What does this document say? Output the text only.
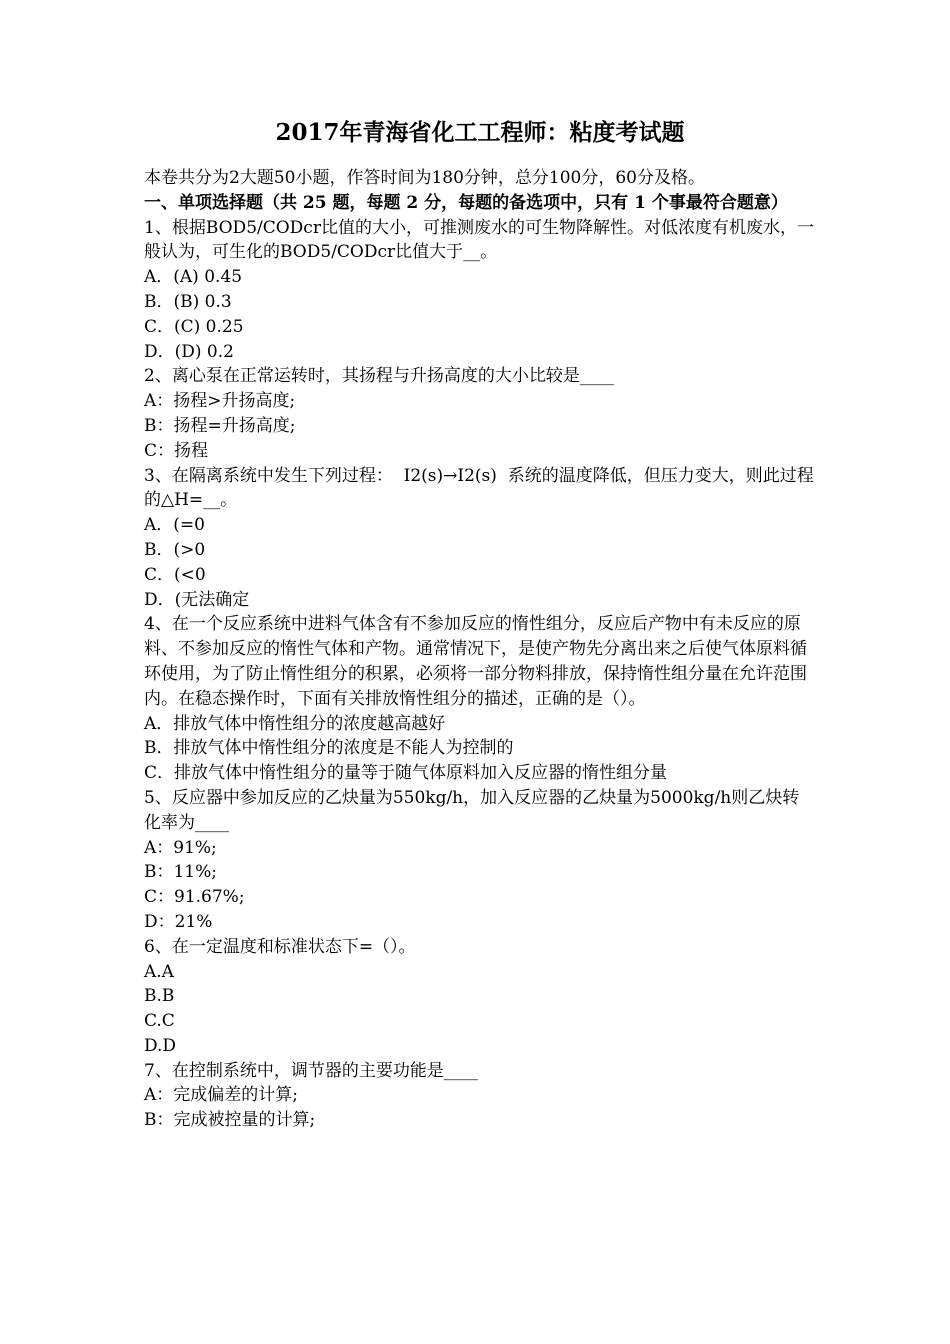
2017年青海省化工工程师：粘度考试题
本卷共分为2大题50小题，作答时间为180分钟，总分100分，60分及格。
一、单项选择题（共 25 题，每题 2 分，每题的备选项中，只有 1 个事最符合题意）
1、根据BOD5/CODcr比值的大小，可推测废水的可生物降解性。对低浓度有机废水，一般认为，可生化的BOD5/CODcr比值大于__。
A．(A) 0.45
B．(B) 0.3
C．(C) 0.25
D．(D) 0.2
2、离心泵在正常运转时，其扬程与升扬高度的大小比较是____
A：扬程>升扬高度;
B：扬程=升扬高度;
C：扬程
3、在隔离系统中发生下列过程：  I2(s)→I2(s)  系统的温度降低，但压力变大，则此过程的△H=__。
A．(=0
B．(>0
C．(<0
D．(无法确定
4、在一个反应系统中进料气体含有不参加反应的惰性组分，反应后产物中有未反应的原料、不参加反应的惰性气体和产物。通常情况下，是使产物先分离出来之后使气体原料循环使用，为了防止惰性组分的积累，必须将一部分物料排放，保持惰性组分量在允许范围内。在稳态操作时，下面有关排放惰性组分的描述，正确的是（）。
A．排放气体中惰性组分的浓度越高越好
B．排放气体中惰性组分的浓度是不能人为控制的
C．排放气体中惰性组分的量等于随气体原料加入反应器的惰性组分量
5、反应器中参加反应的乙炔量为550kg/h，加入反应器的乙炔量为5000kg/h则乙炔转化率为____
A：91%;
B：11%;
C：91.67%;
D：21%
6、在一定温度和标准状态下=（）。
A.A
B.B
C.C
D.D
7、在控制系统中，调节器的主要功能是____
A：完成偏差的计算;
B：完成被控量的计算;
